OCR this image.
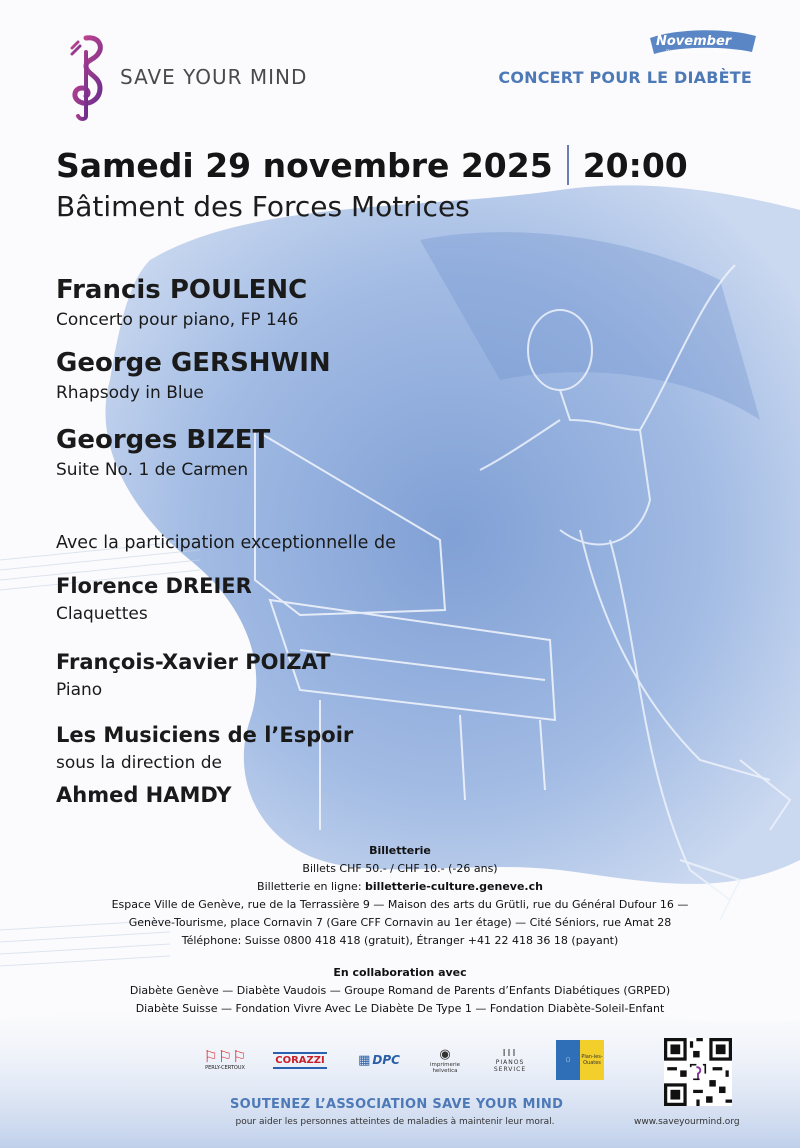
SAVE YOUR MIND
November
Diabetes Awareness Month
CONCERT POUR LE DIABÈTE
Samedi 29 novembre 2025 20:00
Bâtiment des Forces Motrices
Francis POULENC
Concerto pour piano, FP 146
George GERSHWIN
Rhapsody in Blue
Georges BIZET
Suite No. 1 de Carmen
Avec la participation exceptionnelle de
Florence DREIER
Claquettes
François-Xavier POIZAT
Piano
Les Musiciens de l’Espoir
sous la direction de
Ahmed HAMDY
Billetterie
Billets CHF 50.- / CHF 10.- (-26 ans)
Billetterie en ligne: billetterie-culture.geneve.ch
Espace Ville de Genève, rue de la Terrassière 9 — Maison des arts du Grütli, rue du Général Dufour 16 —
Genève-Tourisme, place Cornavin 7 (Gare CFF Cornavin au 1er étage) — Cité Séniors, rue Amat 28
Téléphone: Suisse 0800 418 418 (gratuit), Étranger +41 22 418 36 18 (payant)
En collaboration avec
Diabète Genève — Diabète Vaudois — Groupe Romand de Parents d’Enfants Diabétiques (GRPED)
Diabète Suisse — Fondation Vivre Avec Le Diabète De Type 1 — Fondation Diabète-Soleil-Enfant
⚐⚐⚐
PERLY-CERTOUX
CORAZZI	▦ DPC	◉
imprimerie helvetica
III
PIANOS SERVICE
▢	Plan-les-Ouates
SOUTENEZ L’ASSOCIATION SAVE YOUR MIND
pour aider les personnes atteintes de maladies à maintenir leur moral.	www.saveyourmind.org
